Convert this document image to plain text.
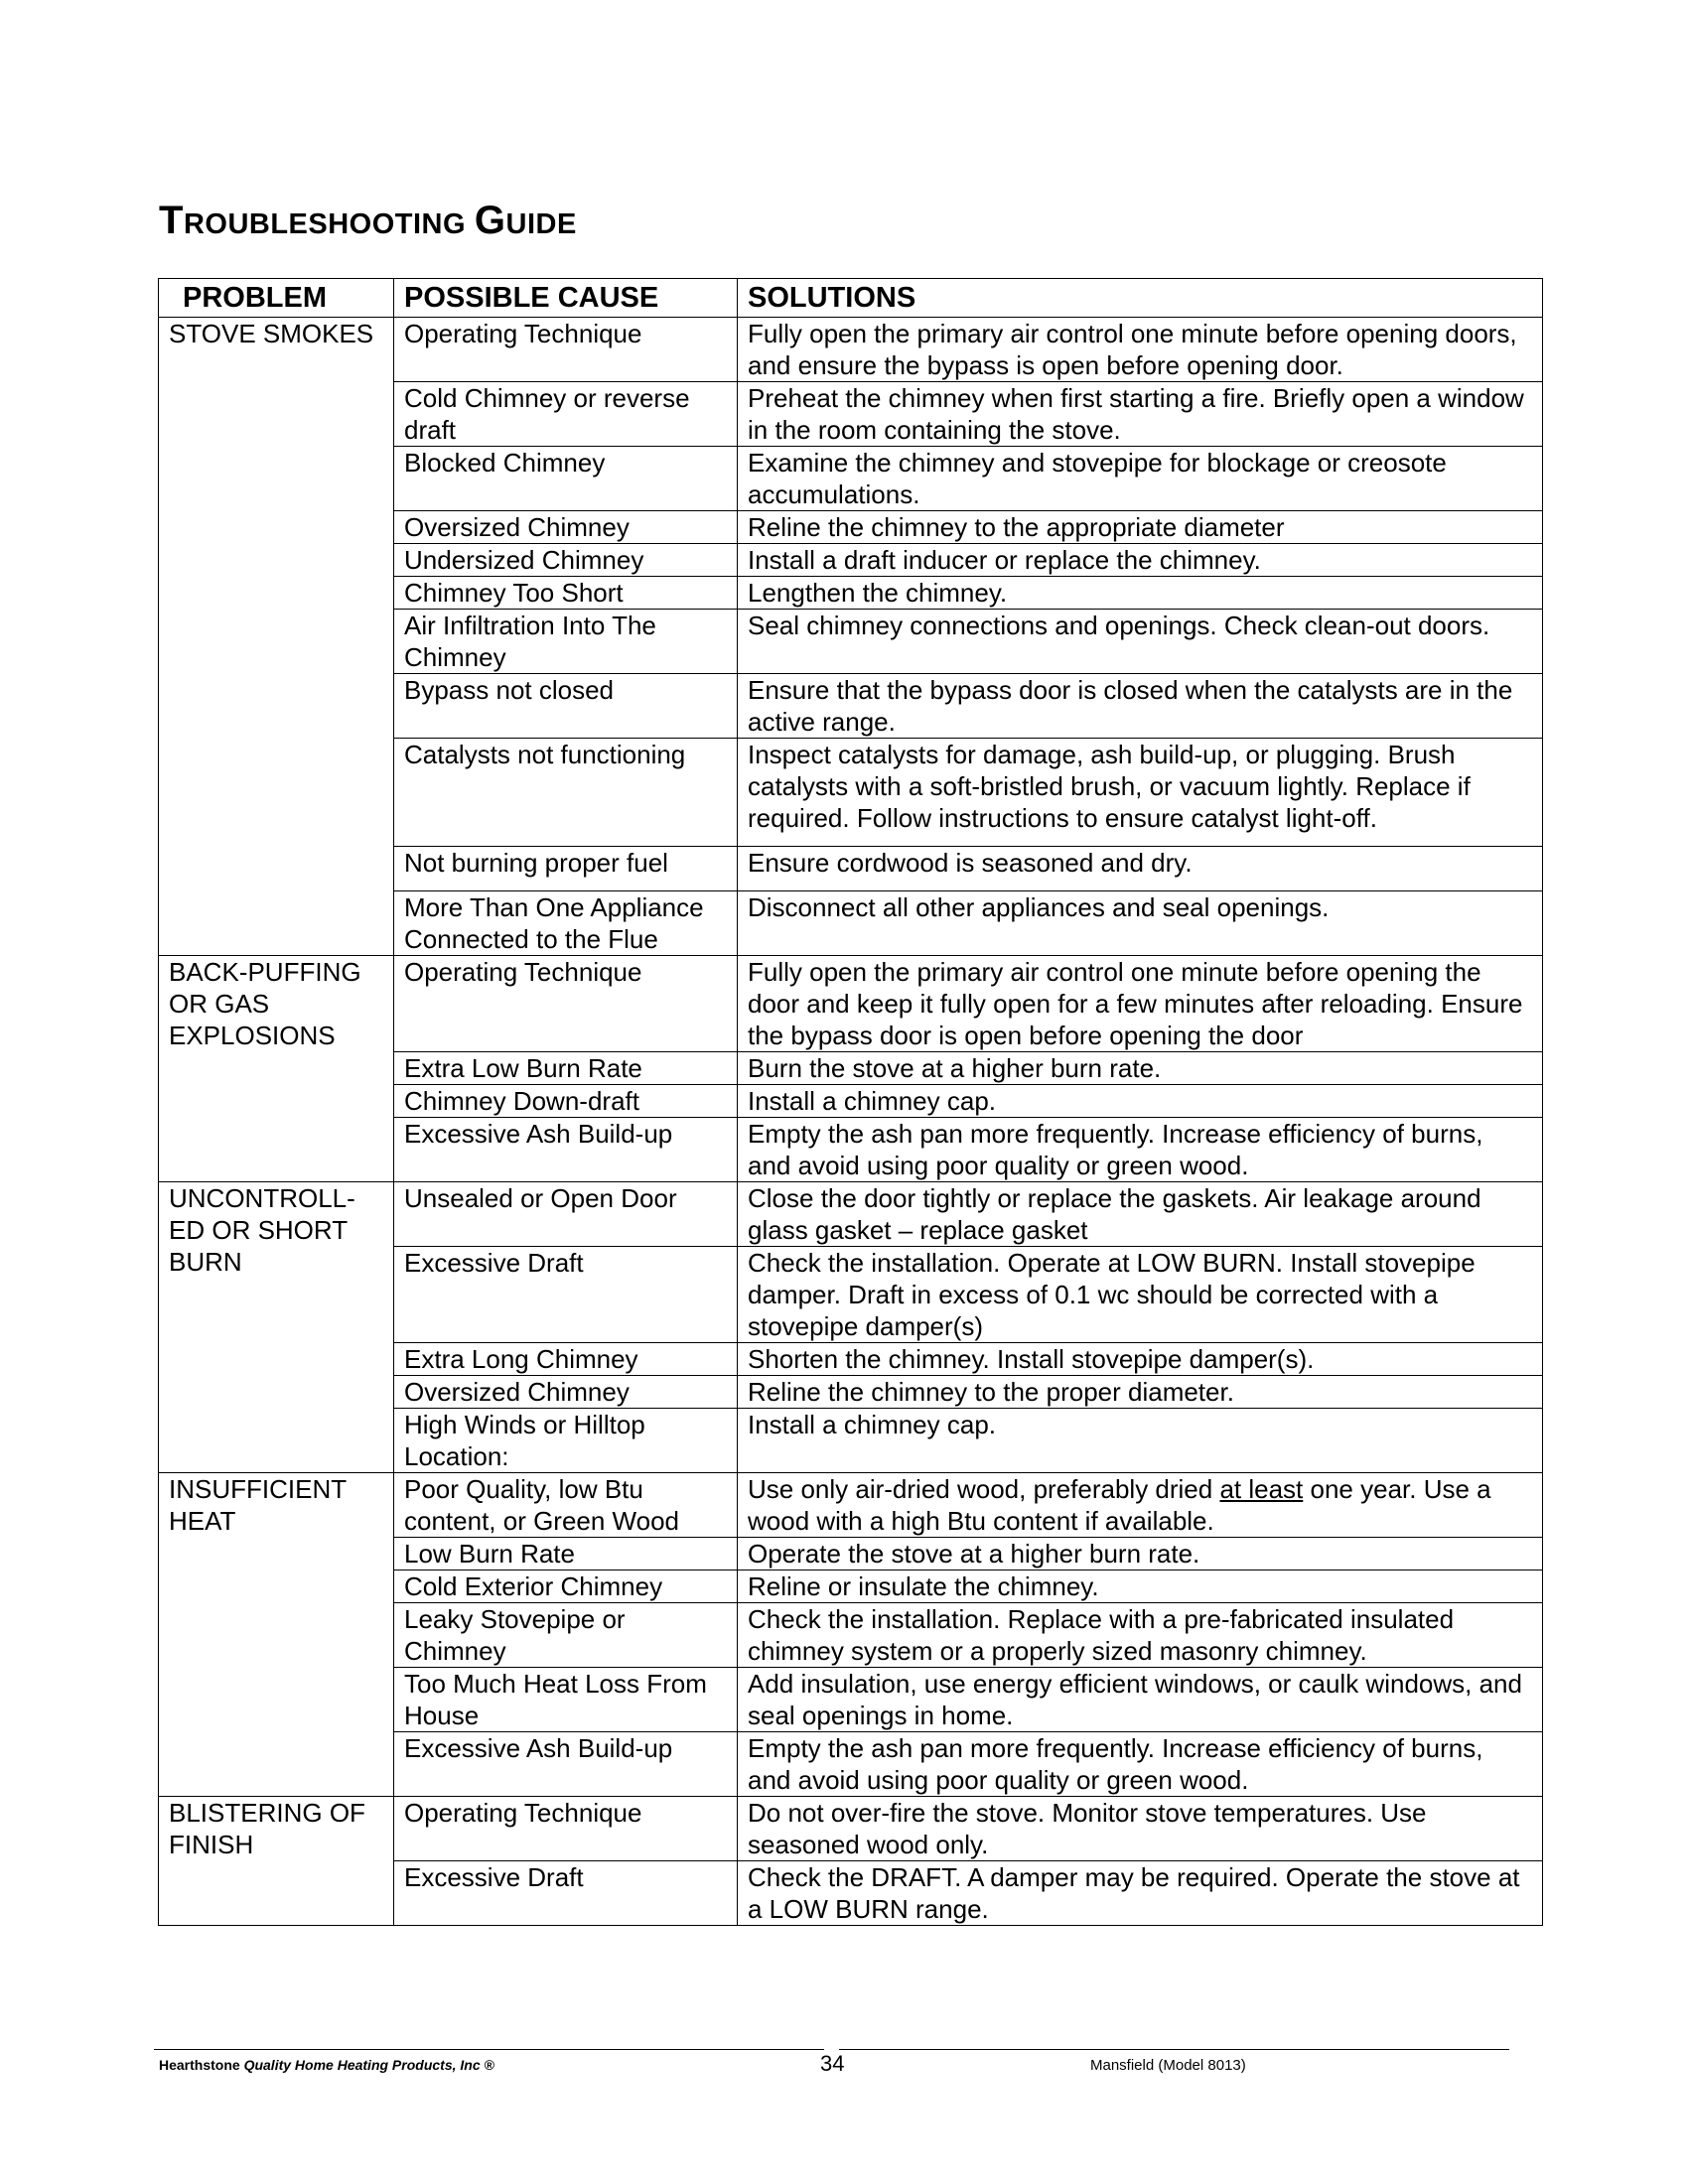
TROUBLESHOOTING GUIDE
PROBLEM	POSSIBLE CAUSE	SOLUTIONS
STOVE SMOKES	Operating Technique	Fully open the primary air control one minute before opening doors, and ensure the bypass is open before opening door.
	Cold Chimney or reverse draft	Preheat the chimney when first starting a fire. Briefly open a window in the room containing the stove.
	Blocked Chimney	Examine the chimney and stovepipe for blockage or creosote accumulations.
	Oversized Chimney	Reline the chimney to the appropriate diameter
	Undersized Chimney	Install a draft inducer or replace the chimney.
	Chimney Too Short	Lengthen the chimney.
	Air Infiltration Into The Chimney	Seal chimney connections and openings. Check clean-out doors.
	Bypass not closed	Ensure that the bypass door is closed when the catalysts are in the active range.
	Catalysts not functioning	Inspect catalysts for damage, ash build-up, or plugging. Brush catalysts with a soft-bristled brush, or vacuum lightly. Replace if required. Follow instructions to ensure catalyst light-off.
	Not burning proper fuel	Ensure cordwood is seasoned and dry.
	More Than One Appliance Connected to the Flue	Disconnect all other appliances and seal openings.
BACK-PUFFING OR GAS EXPLOSIONS	Operating Technique	Fully open the primary air control one minute before opening the door and keep it fully open for a few minutes after reloading. Ensure the bypass door is open before opening the door
	Extra Low Burn Rate	Burn the stove at a higher burn rate.
	Chimney Down-draft	Install a chimney cap.
	Excessive Ash Build-up	Empty the ash pan more frequently. Increase efficiency of burns, and avoid using poor quality or green wood.
UNCONTROLL-ED OR SHORT BURN	Unsealed or Open Door	Close the door tightly or replace the gaskets. Air leakage around glass gasket – replace gasket
	Excessive Draft	Check the installation. Operate at LOW BURN. Install stovepipe damper. Draft in excess of 0.1 wc should be corrected with a stovepipe damper(s)
	Extra Long Chimney	Shorten the chimney. Install stovepipe damper(s).
	Oversized Chimney	Reline the chimney to the proper diameter.
	High Winds or Hilltop Location:	Install a chimney cap.
INSUFFICIENT HEAT	Poor Quality, low Btu content, or Green Wood	Use only air-dried wood, preferably dried at least one year. Use a wood with a high Btu content if available.
	Low Burn Rate	Operate the stove at a higher burn rate.
	Cold Exterior Chimney	Reline or insulate the chimney.
	Leaky Stovepipe or Chimney	Check the installation. Replace with a pre-fabricated insulated chimney system or a properly sized masonry chimney.
	Too Much Heat Loss From House	Add insulation, use energy efficient windows, or caulk windows, and seal openings in home.
	Excessive Ash Build-up	Empty the ash pan more frequently. Increase efficiency of burns, and avoid using poor quality or green wood.
BLISTERING OF FINISH	Operating Technique	Do not over-fire the stove. Monitor stove temperatures. Use seasoned wood only.
	Excessive Draft	Check the DRAFT. A damper may be required. Operate the stove at a LOW BURN range.
Hearthstone Quality Home Heating Products, Inc ®	34	Mansfield (Model 8013)
